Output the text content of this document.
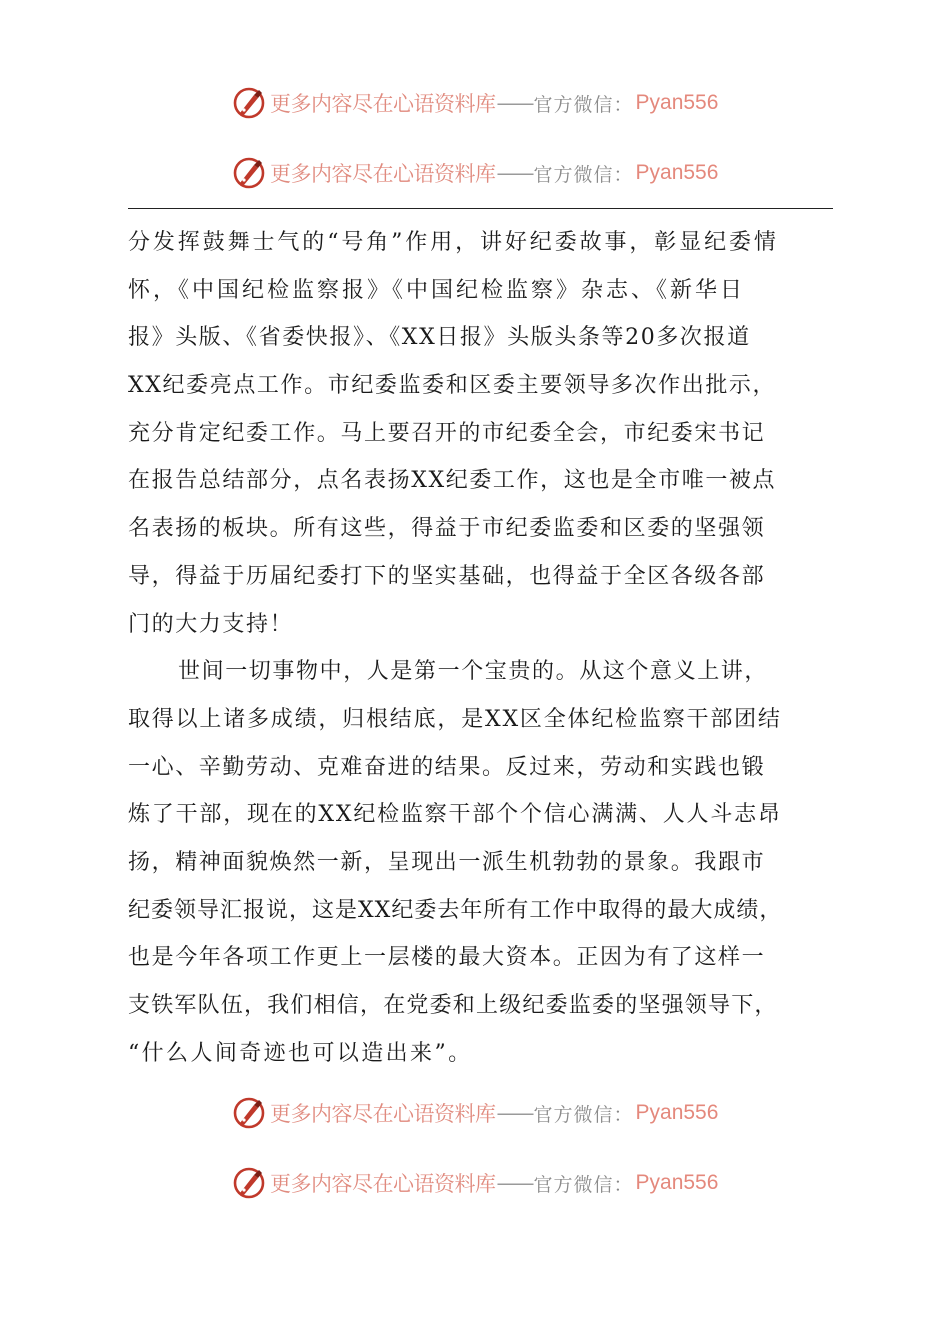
更多内容尽在心语资料库 —— 官方微信： Pyan556
更多内容尽在心语资料库 —— 官方微信： Pyan556
分发挥鼓舞士气的“号角”作用，讲好纪委故事，彰显纪委情
怀，《中国纪检监察报》《中国纪检监察》杂志、《新华日
报》头版、《省委快报》、《XX日报》头版头条等20多次报道
XX纪委亮点工作。市纪委监委和区委主要领导多次作出批示，
充分肯定纪委工作。马上要召开的市纪委全会，市纪委宋书记
在报告总结部分，点名表扬XX纪委工作，这也是全市唯一被点
名表扬的板块。所有这些，得益于市纪委监委和区委的坚强领
导，得益于历届纪委打下的坚实基础，也得益于全区各级各部
门的大力支持！
世间一切事物中，人是第一个宝贵的。从这个意义上讲，
取得以上诸多成绩，归根结底，是XX区全体纪检监察干部团结
一心、辛勤劳动、克难奋进的结果。反过来，劳动和实践也锻
炼了干部，现在的XX纪检监察干部个个信心满满、人人斗志昂
扬，精神面貌焕然一新，呈现出一派生机勃勃的景象。我跟市
纪委领导汇报说，这是XX纪委去年所有工作中取得的最大成绩，
也是今年各项工作更上一层楼的最大资本。正因为有了这样一
支铁军队伍，我们相信，在党委和上级纪委监委的坚强领导下，
“什么人间奇迹也可以造出来”。
更多内容尽在心语资料库 —— 官方微信： Pyan556
更多内容尽在心语资料库 —— 官方微信： Pyan556
